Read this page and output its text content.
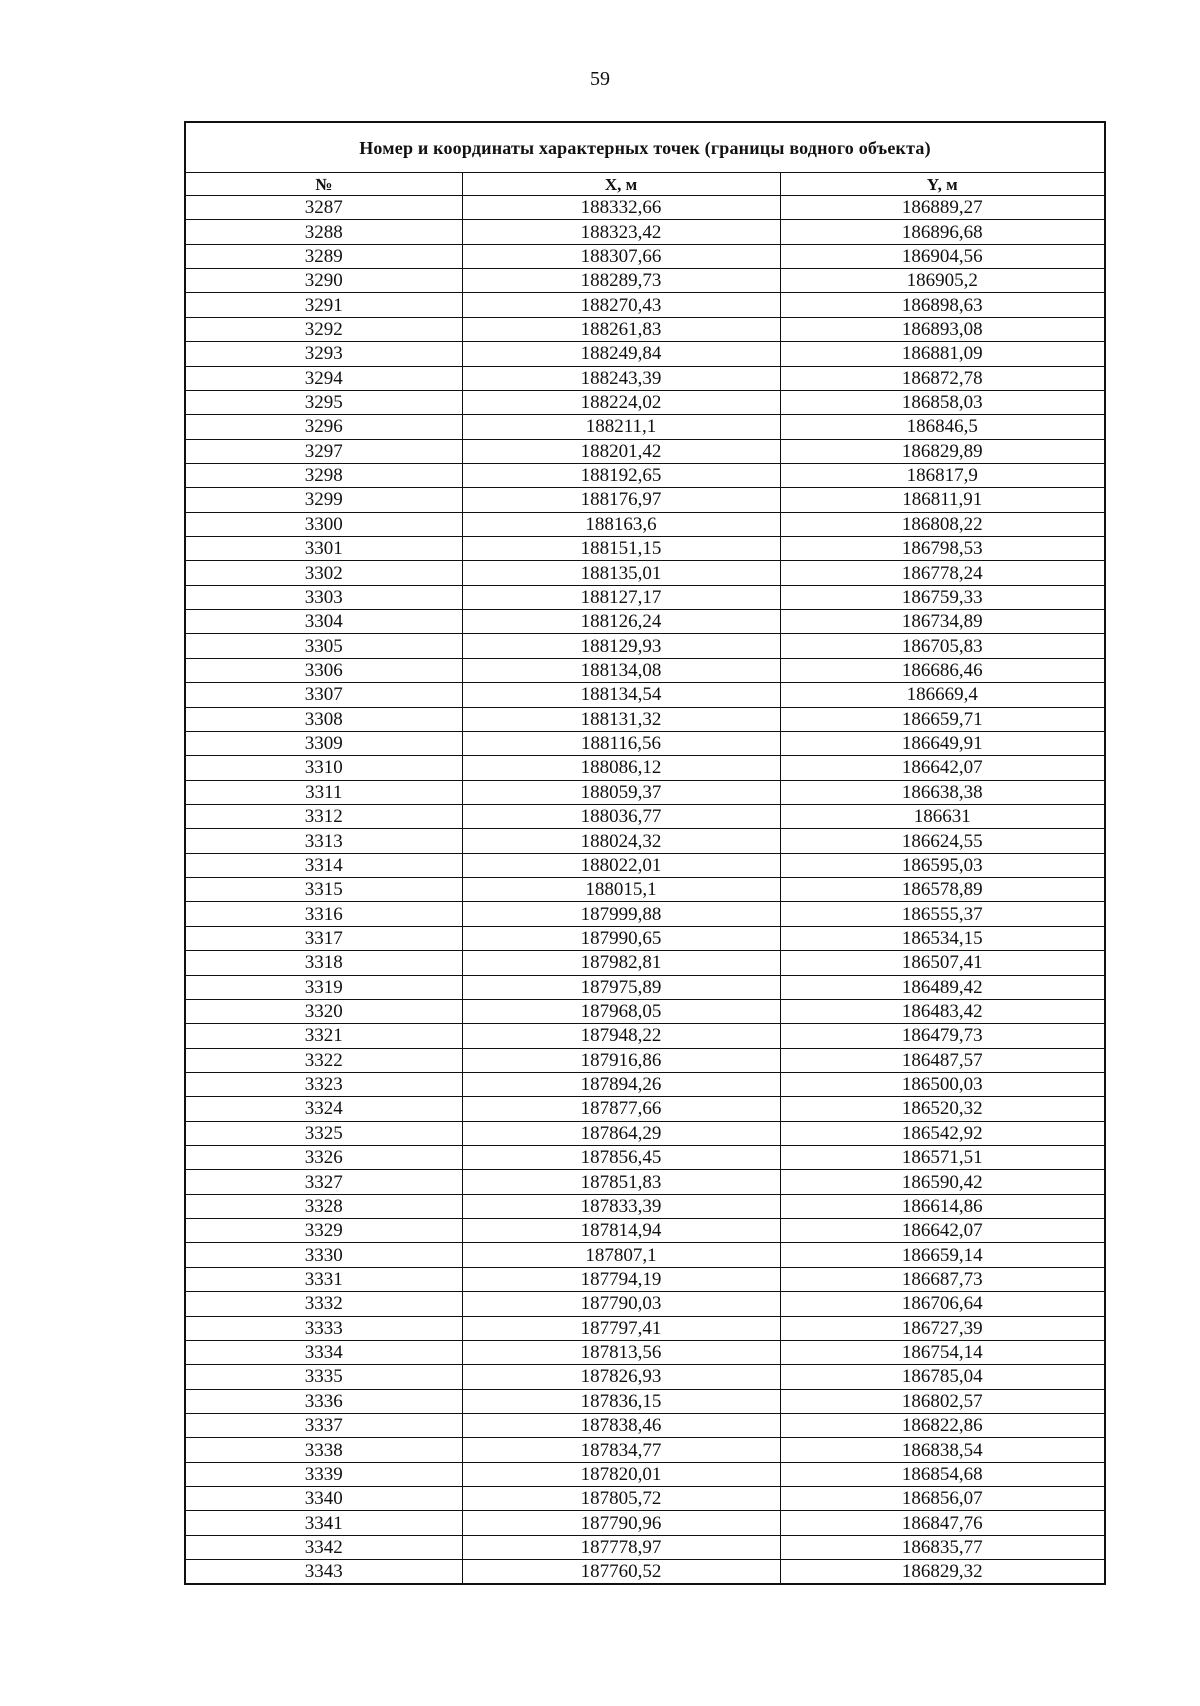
59
Номер и координаты характерных точек (границы водного объекта)		
№	X, м	Y, м
3287	188332,66	186889,27
3288	188323,42	186896,68
3289	188307,66	186904,56
3290	188289,73	186905,2
3291	188270,43	186898,63
3292	188261,83	186893,08
3293	188249,84	186881,09
3294	188243,39	186872,78
3295	188224,02	186858,03
3296	188211,1	186846,5
3297	188201,42	186829,89
3298	188192,65	186817,9
3299	188176,97	186811,91
3300	188163,6	186808,22
3301	188151,15	186798,53
3302	188135,01	186778,24
3303	188127,17	186759,33
3304	188126,24	186734,89
3305	188129,93	186705,83
3306	188134,08	186686,46
3307	188134,54	186669,4
3308	188131,32	186659,71
3309	188116,56	186649,91
3310	188086,12	186642,07
3311	188059,37	186638,38
3312	188036,77	186631
3313	188024,32	186624,55
3314	188022,01	186595,03
3315	188015,1	186578,89
3316	187999,88	186555,37
3317	187990,65	186534,15
3318	187982,81	186507,41
3319	187975,89	186489,42
3320	187968,05	186483,42
3321	187948,22	186479,73
3322	187916,86	186487,57
3323	187894,26	186500,03
3324	187877,66	186520,32
3325	187864,29	186542,92
3326	187856,45	186571,51
3327	187851,83	186590,42
3328	187833,39	186614,86
3329	187814,94	186642,07
3330	187807,1	186659,14
3331	187794,19	186687,73
3332	187790,03	186706,64
3333	187797,41	186727,39
3334	187813,56	186754,14
3335	187826,93	186785,04
3336	187836,15	186802,57
3337	187838,46	186822,86
3338	187834,77	186838,54
3339	187820,01	186854,68
3340	187805,72	186856,07
3341	187790,96	186847,76
3342	187778,97	186835,77
3343	187760,52	186829,32
